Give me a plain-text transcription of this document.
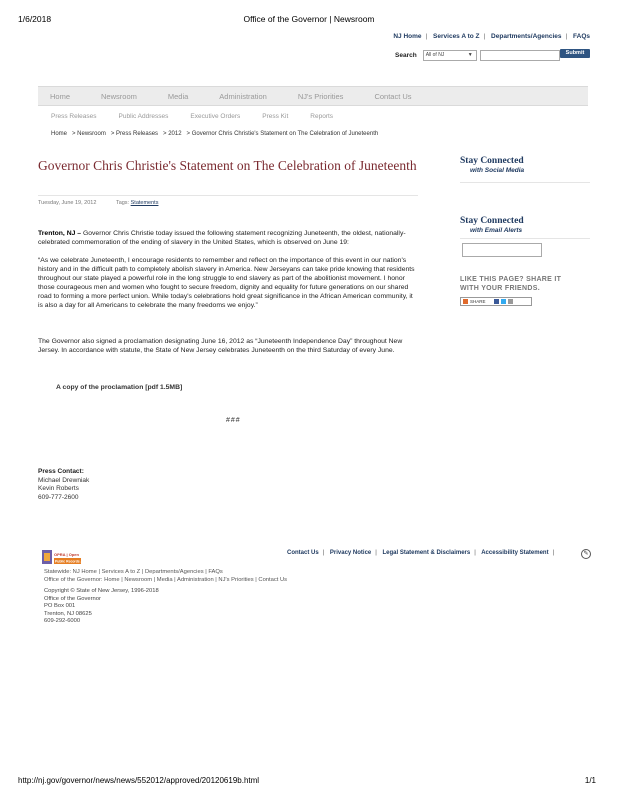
1/6/2018	Office of the Governor | Newsroom
NJ Home | Services A to Z | Departments/Agencies | FAQs
Search	All of NJ	▼	Submit
Home	Newsroom	Media	Administration	NJ's Priorities	Contact Us
Press Releases	Public Addresses	Executive Orders	Press Kit	Reports
Home   > Newsroom   > Press Releases   > 2012   > Governor Chris Christie's Statement on The Celebration of Juneteenth
Governor Chris Christie's Statement on The Celebration of Juneteenth
Tuesday, June 19, 2012	Tags: Statements
Trenton, NJ – Governor Chris Christie today issued the following statement recognizing Juneteenth, the oldest, nationally-celebrated commemoration of the ending of slavery in the United States, which is observed on June 19:
“As we celebrate Juneteenth, I encourage residents to remember and reflect on the importance of this event in our nation's history and in the difficult path to completely abolish slavery in America. New Jerseyans can take pride knowing that residents throughout our state played a powerful role in the long struggle to end slavery as part of the abolitionist movement. I honor those courageous men and women who fought to secure freedom, dignity and equality for future generations on our shared road to forming a more perfect union. While today's celebrations hold great significance in the African American community, it is also a day for all Americans to celebrate the many freedoms we enjoy.”
The Governor also signed a proclamation designating June 16, 2012 as “Juneteenth Independence Day” throughout New Jersey. In accordance with statute, the State of New Jersey celebrates Juneteenth on the third Saturday of every June.
A copy of the proclamation [pdf 1.5MB]
###
Press Contact:
Michael Drewniak
Kevin Roberts
609-777-2600
Stay Connected
with Social Media
Stay Connected
with Email Alerts
LIKE THIS PAGE? SHARE IT
WITH YOUR FRIENDS.
SHARE
OPRA | Open
Public Records Act
Contact Us | Privacy Notice | Legal Statement & Disclaimers | Accessibility Statement |	✎
Statewide: NJ Home | Services A to Z | Departments/Agencies | FAQs
Office of the Governor: Home | Newsroom | Media | Administration | NJ's Priorities | Contact Us
Copyright © State of New Jersey, 1996-2018
Office of the Governor
PO Box 001
Trenton, NJ 08625
609-292-6000
http://nj.gov/governor/news/news/552012/approved/20120619b.html	1/1
